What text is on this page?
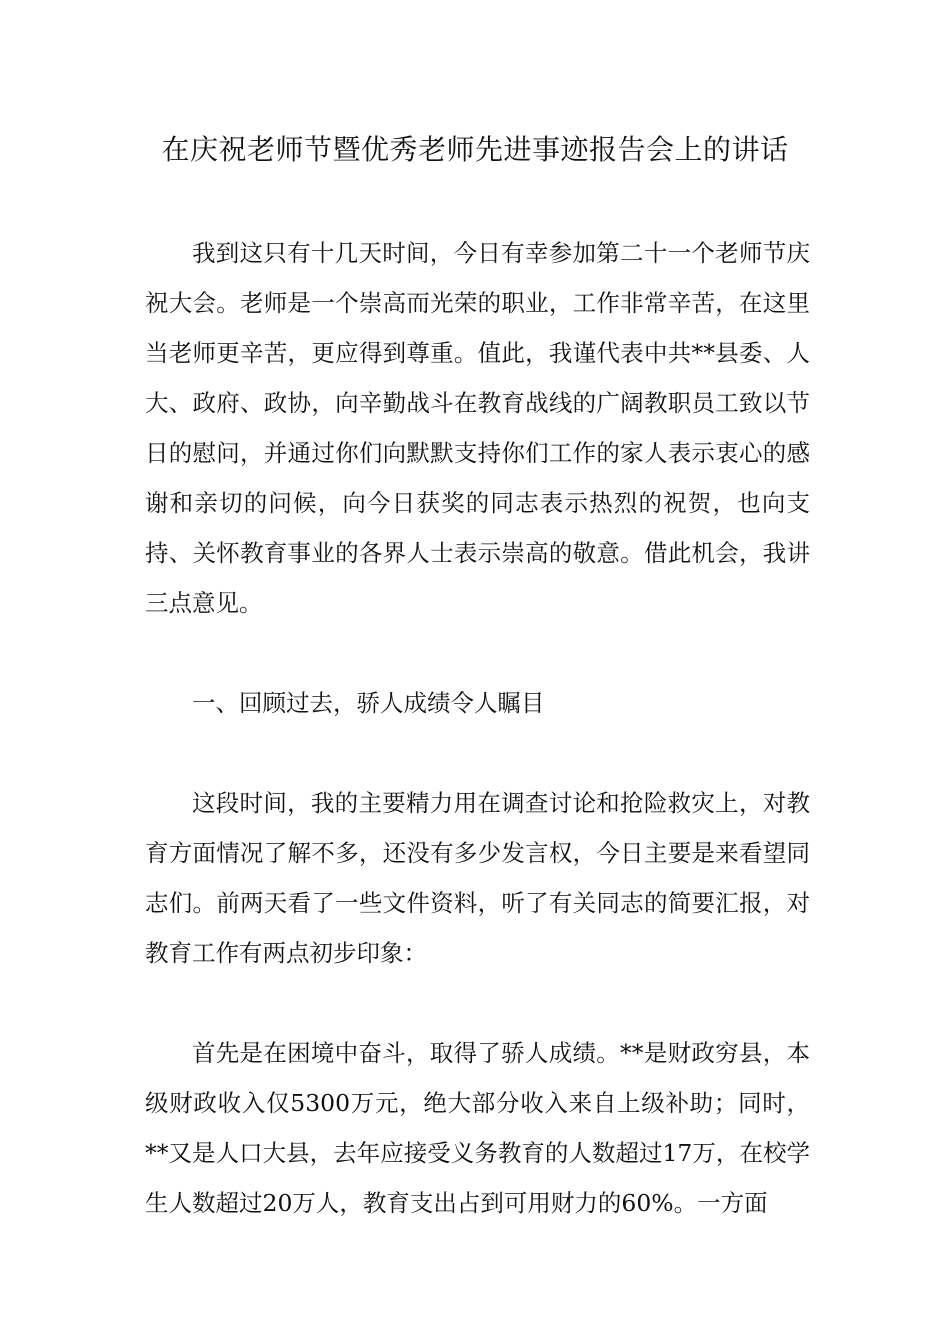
在庆祝老师节暨优秀老师先进事迹报告会上的讲话

我到这只有十几天时间，今日有幸参加第二十一个老师节庆祝大会。老师是一个崇高而光荣的职业，工作非常辛苦，在这里当老师更辛苦，更应得到尊重。值此，我谨代表中共**县委、人大、政府、政协，向辛勤战斗在教育战线的广阔教职员工致以节日的慰问，并通过你们向默默支持你们工作的家人表示衷心的感谢和亲切的问候，向今日获奖的同志表示热烈的祝贺，也向支持、关怀教育事业的各界人士表示崇高的敬意。借此机会，我讲三点意见。

一、回顾过去，骄人成绩令人瞩目

这段时间，我的主要精力用在调查讨论和抢险救灾上，对教育方面情况了解不多，还没有多少发言权，今日主要是来看望同志们。前两天看了一些文件资料，听了有关同志的简要汇报，对教育工作有两点初步印象：

首先是在困境中奋斗，取得了骄人成绩。**是财政穷县，本级财政收入仅5300万元，绝大部分收入来自上级补助；同时，**又是人口大县，去年应接受义务教育的人数超过17万，在校学生人数超过20万人，教育支出占到可用财力的60%。一方面
